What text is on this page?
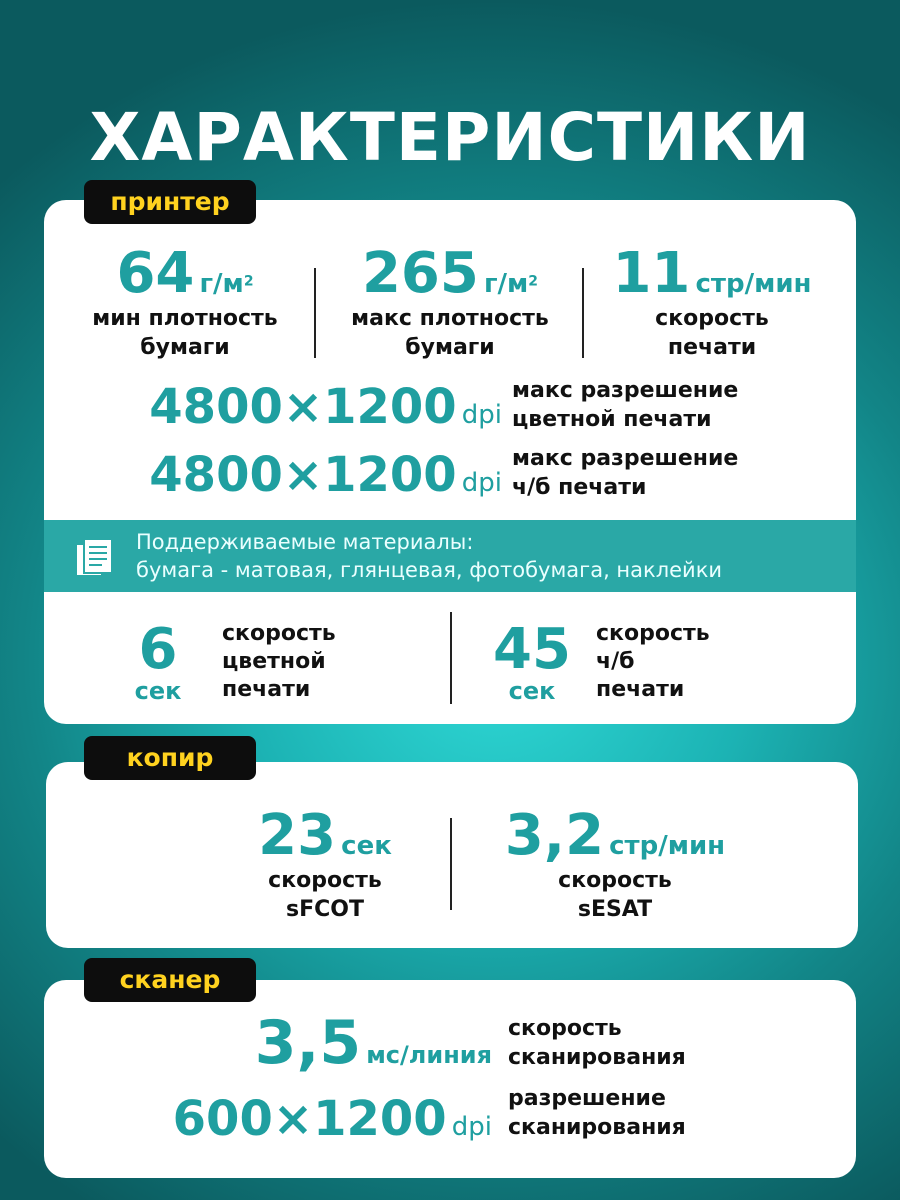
ХАРАКТЕРИСТИКИ
принтер
64 $г/м^2$
мин плотность
бумаги
265 $г/м^2$
макс плотность
бумаги
11 стр/мин
скорость
печати
4800×1200 dpi
макс разрешение
цветной печати
4800×1200 dpi
макс разрешение
ч/б печати
Поддерживаемые материалы:
бумага - матовая, глянцевая, фотобумага, наклейки
6
сек
скорость
цветной
печати
45
сек
скорость
ч/б
печати
копир
23 сек
скорость
sFCOT
3,2 стр/мин
скорость
sESAT
сканер
3,5 мс/линия
скорость
сканирования
600×1200 dpi
разрешение
сканирования
